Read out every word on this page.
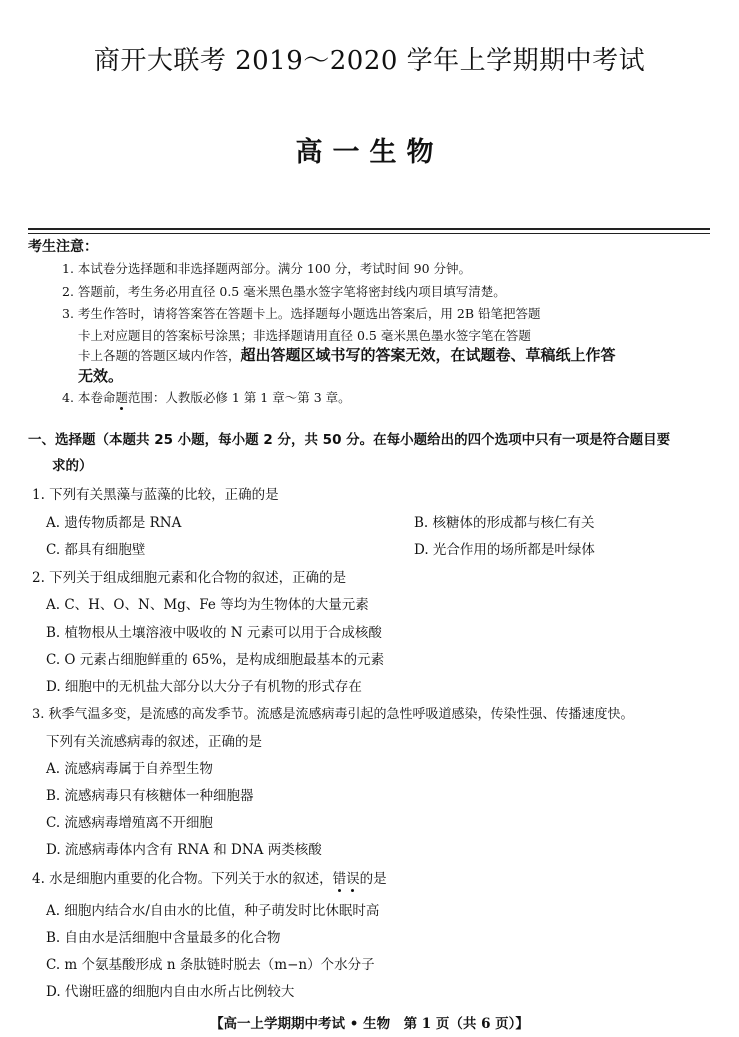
商开大联考 2019～2020 学年上学期期中考试
高一生物
考生注意：
1. 本试卷分选择题和非选择题两部分。满分 100 分，考试时间 90 分钟。
2. 答题前，考生务必用直径 0.5 毫米黑色墨水签字笔将密封线内项目填写清楚。
3. 考生作答时，请将答案答在答题卡上。选择题每小题选出答案后，用 2B 铅笔把答题
卡上对应题目的答案标号涂黑；非选择题请用直径 0.5 毫米黑色墨水签字笔在答题
卡上各题的答题区域内作答，超出答题区域书写的答案无效，在试题卷、草稿纸上作答
无效。
4. 本卷命题范围：人教版必修 1 第 1 章～第 3 章。
一、选择题（本题共 25 小题，每小题 2 分，共 50 分。在每小题给出的四个选项中只有一项是符合题目要
求的）
1. 下列有关黑藻与蓝藻的比较，正确的是
A. 遗传物质都是 RNA	B. 核糖体的形成都与核仁有关
C. 都具有细胞壁	D. 光合作用的场所都是叶绿体
2. 下列关于组成细胞元素和化合物的叙述，正确的是
A. C、H、O、N、Mg、Fe 等均为生物体的大量元素
B. 植物根从土壤溶液中吸收的 N 元素可以用于合成核酸
C. O 元素占细胞鲜重的 65%，是构成细胞最基本的元素
D. 细胞中的无机盐大部分以大分子有机物的形式存在
3. 秋季气温多变，是流感的高发季节。流感是流感病毒引起的急性呼吸道感染，传染性强、传播速度快。
下列有关流感病毒的叙述，正确的是
A. 流感病毒属于自养型生物
B. 流感病毒只有核糖体一种细胞器
C. 流感病毒增殖离不开细胞
D. 流感病毒体内含有 RNA 和 DNA 两类核酸
4. 水是细胞内重要的化合物。下列关于水的叙述，错误的是
A. 细胞内结合水/自由水的比值，种子萌发时比休眠时高
B. 自由水是活细胞中含量最多的化合物
C. m 个氨基酸形成 n 条肽链时脱去（m−n）个水分子
D. 代谢旺盛的细胞内自由水所占比例较大
【高一上学期期中考试 • 生物　第 1 页（共 6 页）】
